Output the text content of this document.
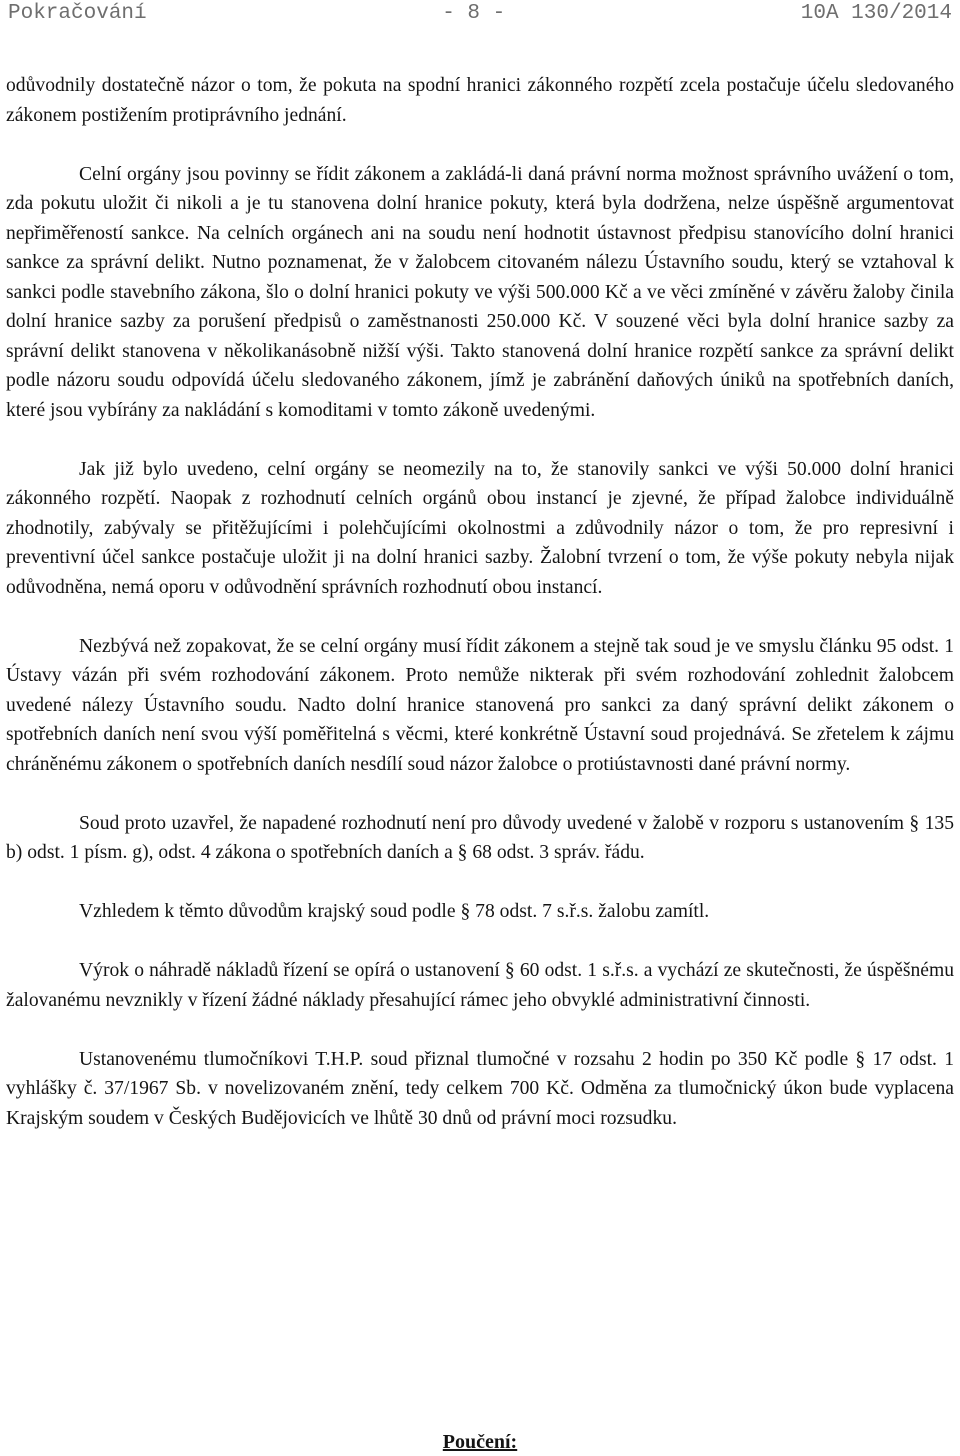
Pokračování	- 8 -	10A 130/2014

odůvodnily dostatečně názor o tom, že pokuta na spodní hranici zákonného rozpětí zcela postačuje účelu sledovaného zákonem postižením protiprávního jednání.

Celní orgány jsou povinny se řídit zákonem a zakládá-li daná právní norma možnost správního uvážení o tom, zda pokutu uložit či nikoli a je tu stanovena dolní hranice pokuty, která byla dodržena, nelze úspěšně argumentovat nepřiměřeností sankce. Na celních orgánech ani na soudu není hodnotit ústavnost předpisu stanovícího dolní hranici sankce za správní delikt. Nutno poznamenat, že v žalobcem citovaném nálezu Ústavního soudu, který se vztahoval k sankci podle stavebního zákona, šlo o dolní hranici pokuty ve výši 500.000 Kč a ve věci zmíněné v závěru žaloby činila dolní hranice sazby za porušení předpisů o zaměstnanosti 250.000 Kč. V souzené věci byla dolní hranice sazby za správní delikt stanovena v několikanásobně nižší výši. Takto stanovená dolní hranice rozpětí sankce za správní delikt podle názoru soudu odpovídá účelu sledovaného zákonem, jímž je zabránění daňových úniků na spotřebních daních, které jsou vybírány za nakládání s komoditami v tomto zákoně uvedenými.

Jak již bylo uvedeno, celní orgány se neomezily na to, že stanovily sankci ve výši 50.000 dolní hranici zákonného rozpětí. Naopak z rozhodnutí celních orgánů obou instancí je zjevné, že případ žalobce individuálně zhodnotily, zabývaly se přitěžujícími i polehčujícími okolnostmi a zdůvodnily názor o tom, že pro represivní i preventivní účel sankce postačuje uložit ji na dolní hranici sazby. Žalobní tvrzení o tom, že výše pokuty nebyla nijak odůvodněna, nemá oporu v odůvodnění správních rozhodnutí obou instancí.

Nezbývá než zopakovat, že se celní orgány musí řídit zákonem a stejně tak soud je ve smyslu článku 95 odst. 1 Ústavy vázán při svém rozhodování zákonem. Proto nemůže nikterak při svém rozhodování zohlednit žalobcem uvedené nálezy Ústavního soudu. Nadto dolní hranice stanovená pro sankci za daný správní delikt zákonem o spotřebních daních není svou výší poměřitelná s věcmi, které konkrétně Ústavní soud projednává. Se zřetelem k zájmu chráněnému zákonem o spotřebních daních nesdílí soud názor žalobce o protiústavnosti dané právní normy.

Soud proto uzavřel, že napadené rozhodnutí není pro důvody uvedené v žalobě v rozporu s ustanovením § 135 b) odst. 1 písm. g), odst. 4 zákona o spotřebních daních a § 68 odst. 3 správ. řádu.

Vzhledem k těmto důvodům krajský soud podle § 78 odst. 7 s.ř.s. žalobu zamítl.

Výrok o náhradě nákladů řízení se opírá o ustanovení § 60 odst. 1 s.ř.s. a vychází ze skutečnosti, že úspěšnému žalovanému nevznikly v řízení žádné náklady přesahující rámec jeho obvyklé administrativní činnosti.

Ustanovenému tlumočníkovi T.H.P. soud přiznal tlumočné v rozsahu 2 hodin po 350 Kč podle § 17 odst. 1 vyhlášky č. 37/1967 Sb. v novelizovaném znění, tedy celkem 700 Kč. Odměna za tlumočnický úkon bude vyplacena Krajským soudem v Českých Budějovicích ve lhůtě 30 dnů od právní moci rozsudku.

Poučení:
